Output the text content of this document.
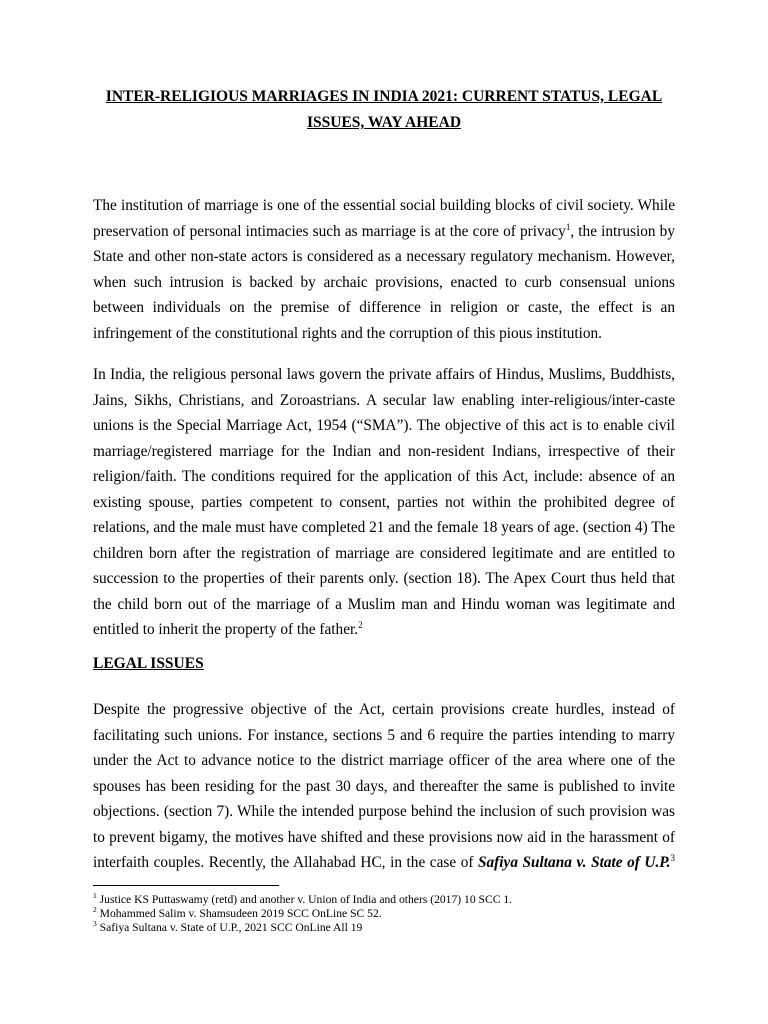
INTER-RELIGIOUS MARRIAGES IN INDIA 2021: CURRENT STATUS, LEGAL
ISSUES, WAY AHEAD
The institution of marriage is one of the essential social building blocks of civil society. While
preservation of personal intimacies such as marriage is at the core of privacy$^1$, the intrusion by
State and other non-state actors is considered as a necessary regulatory mechanism. However,
when such intrusion is backed by archaic provisions, enacted to curb consensual unions
between individuals on the premise of difference in religion or caste, the effect is an
infringement of the constitutional rights and the corruption of this pious institution.
In India, the religious personal laws govern the private affairs of Hindus, Muslims, Buddhists,
Jains, Sikhs, Christians, and Zoroastrians. A secular law enabling inter-religious/inter-caste
unions is the Special Marriage Act, 1954 (“SMA”). The objective of this act is to enable civil
marriage/registered marriage for the Indian and non-resident Indians, irrespective of their
religion/faith. The conditions required for the application of this Act, include: absence of an
existing spouse, parties competent to consent, parties not within the prohibited degree of
relations, and the male must have completed 21 and the female 18 years of age. (section 4) The
children born after the registration of marriage are considered legitimate and are entitled to
succession to the properties of their parents only. (section 18). The Apex Court thus held that
the child born out of the marriage of a Muslim man and Hindu woman was legitimate and
entitled to inherit the property of the father.$^2$
LEGAL ISSUES
Despite the progressive objective of the Act, certain provisions create hurdles, instead of
facilitating such unions. For instance, sections 5 and 6 require the parties intending to marry
under the Act to advance notice to the district marriage officer of the area where one of the
spouses has been residing for the past 30 days, and thereafter the same is published to invite
objections. (section 7). While the intended purpose behind the inclusion of such provision was
to prevent bigamy, the motives have shifted and these provisions now aid in the harassment of
interfaith couples. Recently, the Allahabad HC, in the case of Safiya Sultana v. State of U.P.$^3$
$^1$ Justice KS Puttaswamy (retd) and another v. Union of India and others (2017) 10 SCC 1.
$^2$ Mohammed Salim v. Shamsudeen 2019 SCC OnLine SC 52.
$^3$ Safiya Sultana v. State of U.P., 2021 SCC OnLine All 19
